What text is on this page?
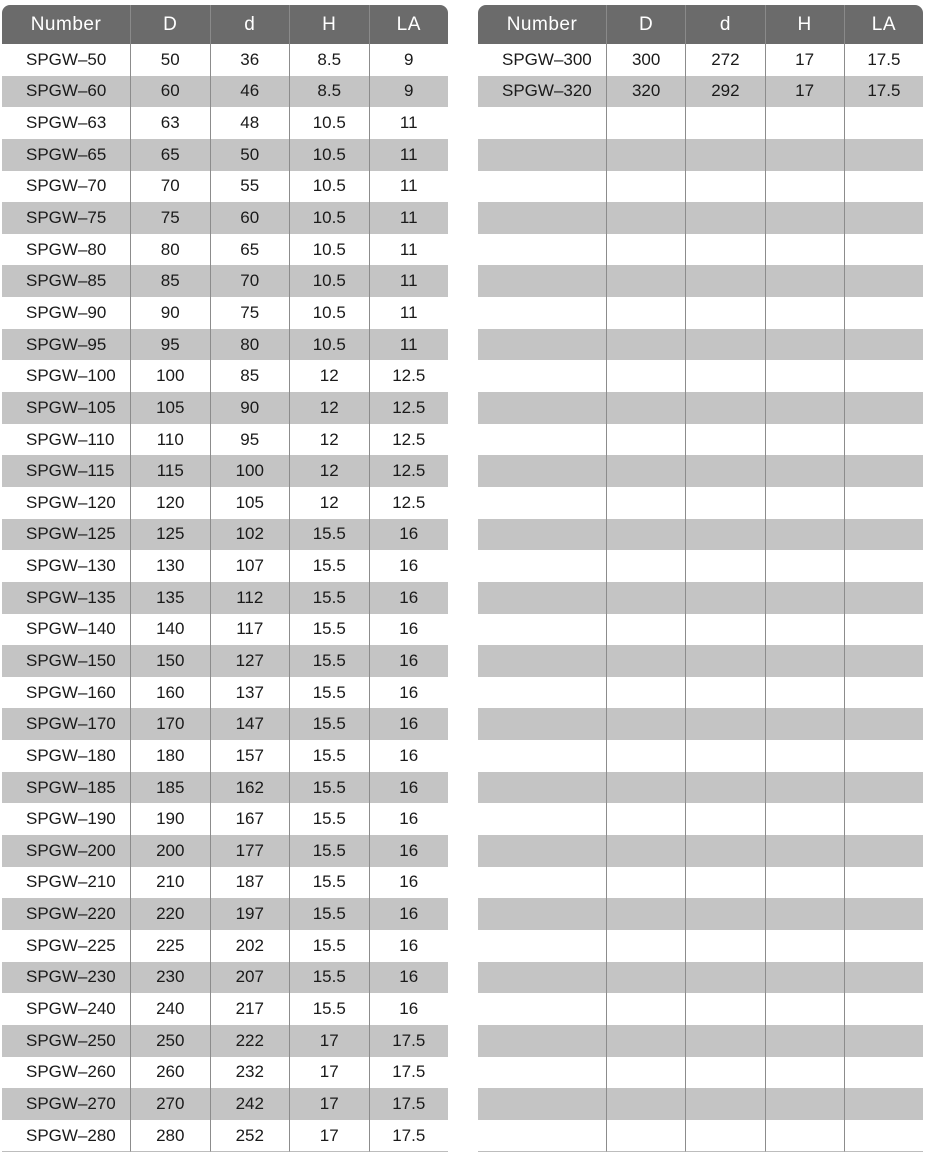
Number	D	d	H	LA
SPGW–50	50	36	8.5	9
SPGW–60	60	46	8.5	9
SPGW–63	63	48	10.5	11
SPGW–65	65	50	10.5	11
SPGW–70	70	55	10.5	11
SPGW–75	75	60	10.5	11
SPGW–80	80	65	10.5	11
SPGW–85	85	70	10.5	11
SPGW–90	90	75	10.5	11
SPGW–95	95	80	10.5	11
SPGW–100	100	85	12	12.5
SPGW–105	105	90	12	12.5
SPGW–110	110	95	12	12.5
SPGW–115	115	100	12	12.5
SPGW–120	120	105	12	12.5
SPGW–125	125	102	15.5	16
SPGW–130	130	107	15.5	16
SPGW–135	135	112	15.5	16
SPGW–140	140	117	15.5	16
SPGW–150	150	127	15.5	16
SPGW–160	160	137	15.5	16
SPGW–170	170	147	15.5	16
SPGW–180	180	157	15.5	16
SPGW–185	185	162	15.5	16
SPGW–190	190	167	15.5	16
SPGW–200	200	177	15.5	16
SPGW–210	210	187	15.5	16
SPGW–220	220	197	15.5	16
SPGW–225	225	202	15.5	16
SPGW–230	230	207	15.5	16
SPGW–240	240	217	15.5	16
SPGW–250	250	222	17	17.5
SPGW–260	260	232	17	17.5
SPGW–270	270	242	17	17.5
SPGW–280	280	252	17	17.5
Number	D	d	H	LA
SPGW–300	300	272	17	17.5
SPGW–320	320	292	17	17.5
